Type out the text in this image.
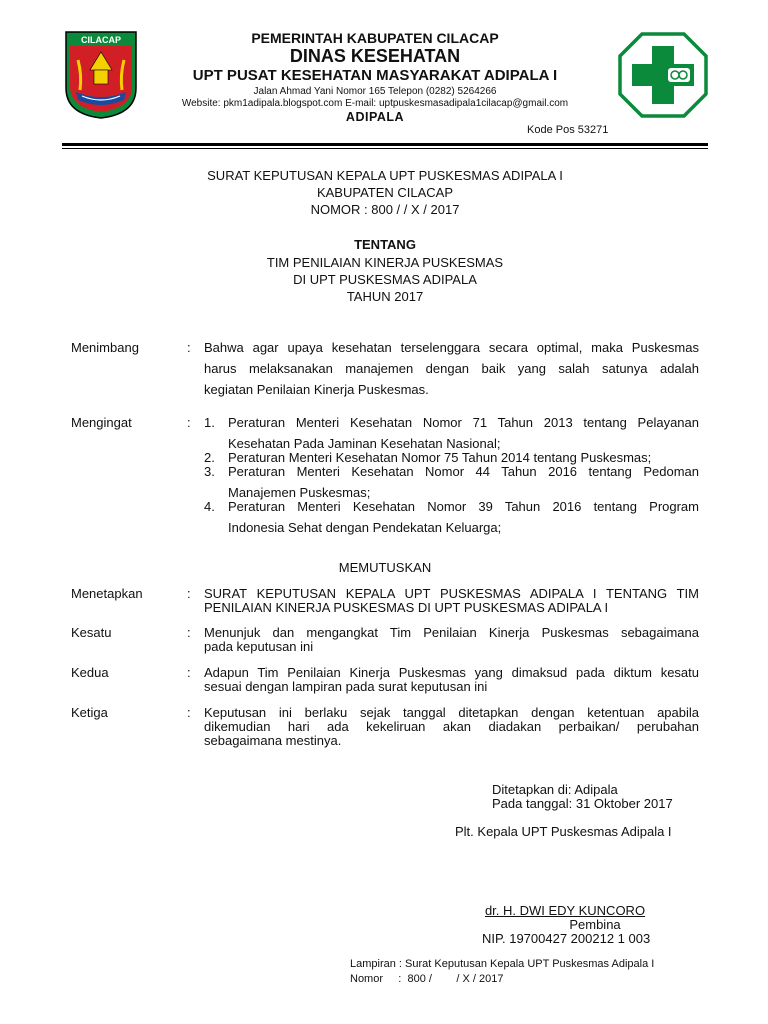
CILACAP	PEMERINTAH KABUPATEN CILACAP
DINAS KESEHATAN
UPT PUSAT KESEHATAN MASYARAKAT ADIPALA I
Jalan Ahmad Yani Nomor 165 Telepon (0282) 5264266
Website: pkm1adipala.blogspot.com E-mail: uptpuskesmasadipala1cilacap@gmail.com
ADIPALA
Kode Pos 53271
SURAT KEPUTUSAN KEPALA UPT PUSKESMAS ADIPALA I
KABUPATEN CILACAP
NOMOR : 800 / / X / 2017
TENTANG
TIM PENILAIAN KINERJA PUSKESMAS
DI UPT PUSKESMAS ADIPALA
TAHUN 2017
Menimbang	: Bahwa agar upaya kesehatan terselenggara secara optimal, maka Puskesmas
harus melaksanakan manajemen dengan baik yang salah satunya adalah
kegiatan Penilaian Kinerja Puskesmas.
Mengingat	: 1. Peraturan Menteri Kesehatan Nomor 71 Tahun 2013 tentang Pelayanan
Kesehatan Pada Jaminan Kesehatan Nasional;
2. Peraturan Menteri Kesehatan Nomor 75 Tahun 2014 tentang Puskesmas;
3. Peraturan Menteri Kesehatan Nomor 44 Tahun 2016 tentang Pedoman
Manajemen Puskesmas;
4. Peraturan Menteri Kesehatan Nomor 39 Tahun 2016 tentang Program
Indonesia Sehat dengan Pendekatan Keluarga;
MEMUTUSKAN
Menetapkan	: SURAT KEPUTUSAN KEPALA UPT PUSKESMAS ADIPALA I TENTANG TIM
PENILAIAN KINERJA PUSKESMAS DI UPT PUSKESMAS ADIPALA I
Kesatu	: Menunjuk dan mengangkat Tim Penilaian Kinerja Puskesmas sebagaimana
pada keputusan ini
Kedua	: Adapun Tim Penilaian Kinerja Puskesmas yang dimaksud pada diktum kesatu
sesuai dengan lampiran pada surat keputusan ini
Ketiga	: Keputusan ini berlaku sejak tanggal ditetapkan dengan ketentuan apabila
dikemudian hari ada kekeliruan akan diadakan perbaikan/ perubahan
sebagaimana mestinya.
Ditetapkan di: Adipala
Pada tanggal: 31 Oktober 2017
Plt. Kepala UPT Puskesmas Adipala I
dr. H. DWI EDY KUNCORO
Pembina
NIP. 19700427 200212 1 003
Lampiran : Surat Keputusan Kepala UPT Puskesmas Adipala I
Nomor     :  800 /        / X / 2017
